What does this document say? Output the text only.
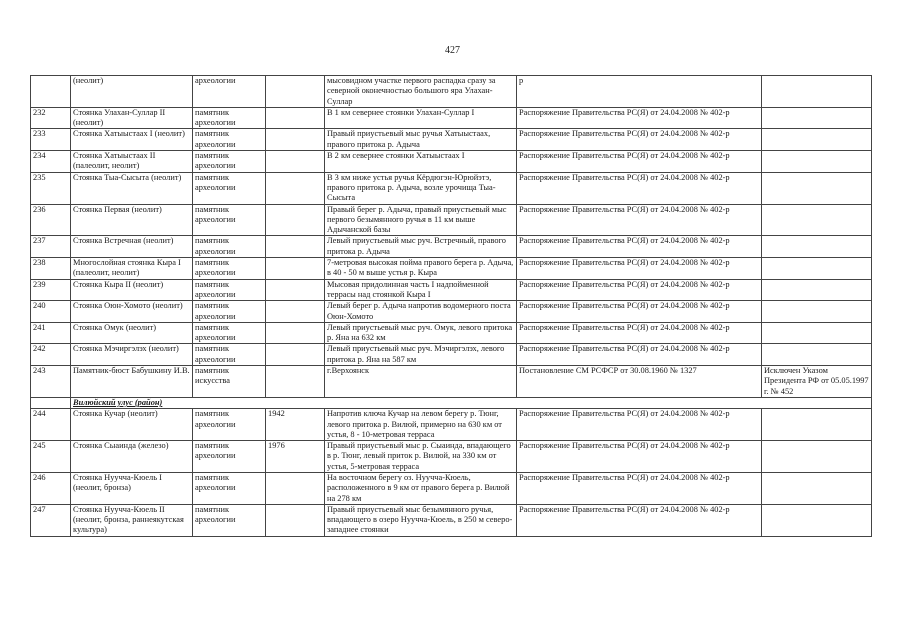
427
	(неолит)	археологии		мысовидном участке первого распадка сразу за северной оконечностью большого яра Улахан-Суллар	р	
232	Стоянка Улахан-Суллар II (неолит)	памятник археологии		В 1 км севернее стоянки Улахан-Суллар I	Распоряжение Правительства РС(Я) от 24.04.2008 № 402-р	
233	Стоянка Хатыыстаах I (неолит)	памятник археологии		Правый приустьевый мыс ручья Хатыыстаах, правого притока р. Адыча	Распоряжение Правительства РС(Я) от 24.04.2008 № 402-р	
234	Стоянка Хатыыстаах II (палеолит, неолит)	памятник археологии		В 2 км севернее стоянки Хатыыстаах I	Распоряжение Правительства РС(Я) от 24.04.2008 № 402-р	
235	Стоянка Тыа-Сысыта (неолит)	памятник археологии		В 3 км ниже устья ручья Кёрдюгэн-Юрюйэтэ, правого притока р. Адыча, возле урочища Тыа-Сысыта	Распоряжение Правительства РС(Я) от 24.04.2008 № 402-р	
236	Стоянка Первая (неолит)	памятник археологии		Правый берег р. Адыча, правый приустьевый мыс первого безымянного ручья в 11 км выше Адычанской базы	Распоряжение Правительства РС(Я) от 24.04.2008 № 402-р	
237	Стоянка Встречная (неолит)	памятник археологии		Левый приустьевый мыс руч. Встречный, правого притока р. Адыча	Распоряжение Правительства РС(Я) от 24.04.2008 № 402-р	
238	Многослойная стоянка Кыра I (палеолит, неолит)	памятник археологии		7-метровая высокая пойма правого берега р. Адыча, в 40 - 50 м выше устья р. Кыра	Распоряжение Правительства РС(Я) от 24.04.2008 № 402-р	
239	Стоянка Кыра II (неолит)	памятник археологии		Мысовая придолинная часть I надпойменной террасы над стоянкой Кыра I	Распоряжение Правительства РС(Я) от 24.04.2008 № 402-р	
240	Стоянка Оюн-Хомото (неолит)	памятник археологии		Левый берег р. Адыча напротив водомерного поста Оюн-Хомото	Распоряжение Правительства РС(Я) от 24.04.2008 № 402-р	
241	Стоянка Омук (неолит)	памятник археологии		Левый приустьевый мыс руч. Омук, левого притока р. Яна на 632 км	Распоряжение Правительства РС(Я) от 24.04.2008 № 402-р	
242	Стоянка Мэчиргэлэх (неолит)	памятник археологии		Левый приустьевый мыс руч. Мэчиргэлэх, левого притока р. Яна на 587 км	Распоряжение Правительства РС(Я) от 24.04.2008 № 402-р	
243	Памятник-бюст Бабушкину И.В.	памятник искусства		г.Верхоянск	Постановление СМ РСФСР от 30.08.1960 № 1327	Исключен Указом Президента РФ от 05.05.1997 г. № 452
	Вилюйский улус (район)					
244	Стоянка Кучар (неолит)	памятник археологии	1942	Напротив ключа Кучар на левом берегу р. Тюнг, левого притока р. Вилюй, примерно на 630 км от устья, 8 - 10-метровая терраса	Распоряжение Правительства РС(Я) от 24.04.2008 № 402-р	
245	Стоянка Сыаиндa (железо)	памятник археологии	1976	Правый приустьевый мыс р. Сыаинда, впадающего в р. Тюнг, левый приток р. Вилюй, на 330 км от устья, 5-метровая терраса	Распоряжение Правительства РС(Я) от 24.04.2008 № 402-р	
246	Стоянка Нуучча-Кюель I (неолит, бронза)	памятник археологии		На восточном берегу оз. Нуучча-Кюель, расположенного в 9 км от правого берега р. Вилюй на 278 км	Распоряжение Правительства РС(Я) от 24.04.2008 № 402-р	
247	Стоянка Нуучча-Кюель II (неолит, бронза, раннеякутская культура)	памятник археологии		Правый приустьевый мыс безымянного ручья, впадающего в озеро Нуучча-Кюель, в 250 м северо-западнее стоянки	Распоряжение Правительства РС(Я) от 24.04.2008 № 402-р	
